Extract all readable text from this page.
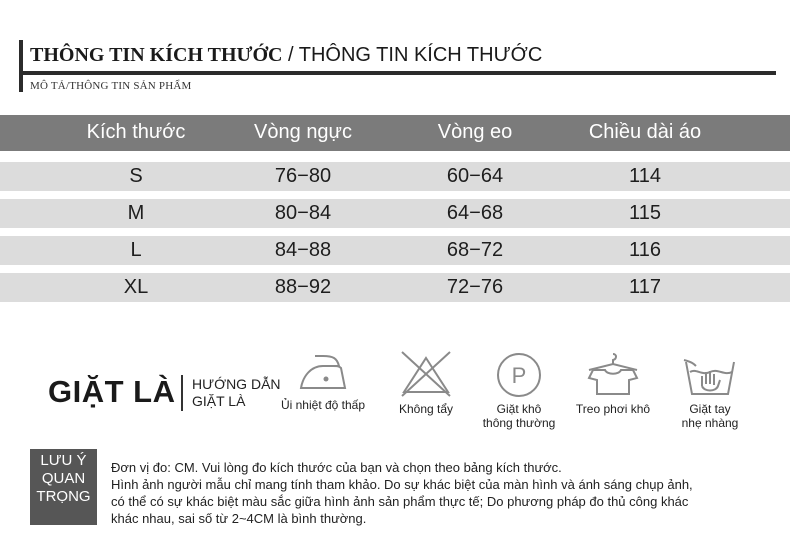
THÔNG TIN KÍCH THƯỚC / THÔNG TIN KÍCH THƯỚC
MÔ TẢ/THÔNG TIN SẢN PHẨM
Kích thước	Vòng ngực	Vòng eo	Chiều dài áo
S	76−80	60−64	114
M	80−84	64−68	115
L	84−88	68−72	116
XL	88−92	72−76	117
GIẶT LÀ HƯỚNG DẪN
GIẶT LÀ	Ủi nhiệt độ thấp	Không tẩy
P
Giặt khô
thông thường
Treo phơi khô	Giặt tay
nhẹ nhàng
LƯU Ý
QUAN
TRỌNG
Đơn vị đo: CM. Vui lòng đo kích thước của bạn và chọn theo bảng kích thước.
Hình ảnh người mẫu chỉ mang tính tham khảo. Do sự khác biệt của màn hình và ánh sáng chụp ảnh,
có thể có sự khác biệt màu sắc giữa hình ảnh sản phẩm thực tế; Do phương pháp đo thủ công khác
khác nhau, sai số từ 2~4CM là bình thường.
